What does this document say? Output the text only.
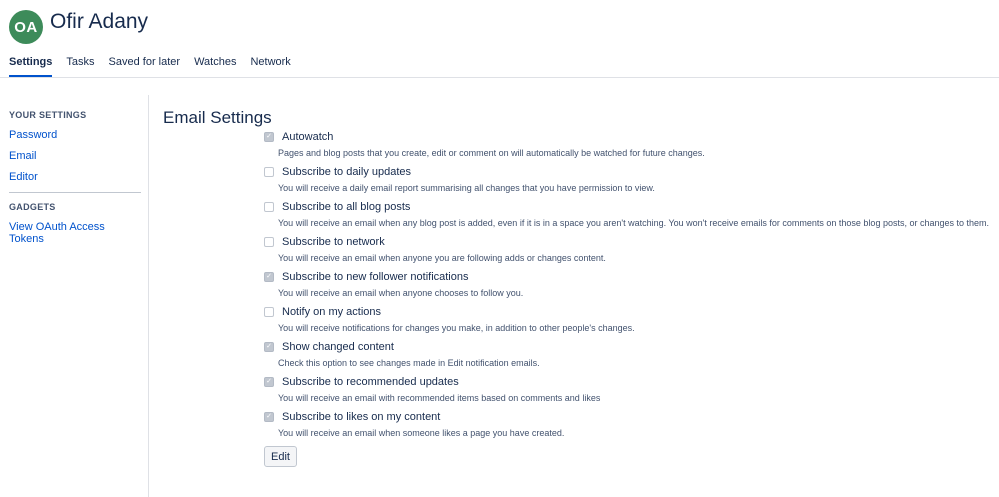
OA Ofir Adany
Settings Tasks Saved for later Watches Network
YOUR SETTINGS
Password
Email
Editor
GADGETS
View OAuth Access Tokens
Email Settings
✓ Autowatch
Pages and blog posts that you create, edit or comment on will automatically be watched for future changes.
Subscribe to daily updates
You will receive a daily email report summarising all changes that you have permission to view.
Subscribe to all blog posts
You will receive an email when any blog post is added, even if it is in a space you aren't watching. You won't receive emails for comments on those blog posts, or changes to them.
Subscribe to network
You will receive an email when anyone you are following adds or changes content.
✓ Subscribe to new follower notifications
You will receive an email when anyone chooses to follow you.
Notify on my actions
You will receive notifications for changes you make, in addition to other people's changes.
✓ Show changed content
Check this option to see changes made in Edit notification emails.
✓ Subscribe to recommended updates
You will receive an email with recommended items based on comments and likes
✓ Subscribe to likes on my content
You will receive an email when someone likes a page you have created.
Edit
